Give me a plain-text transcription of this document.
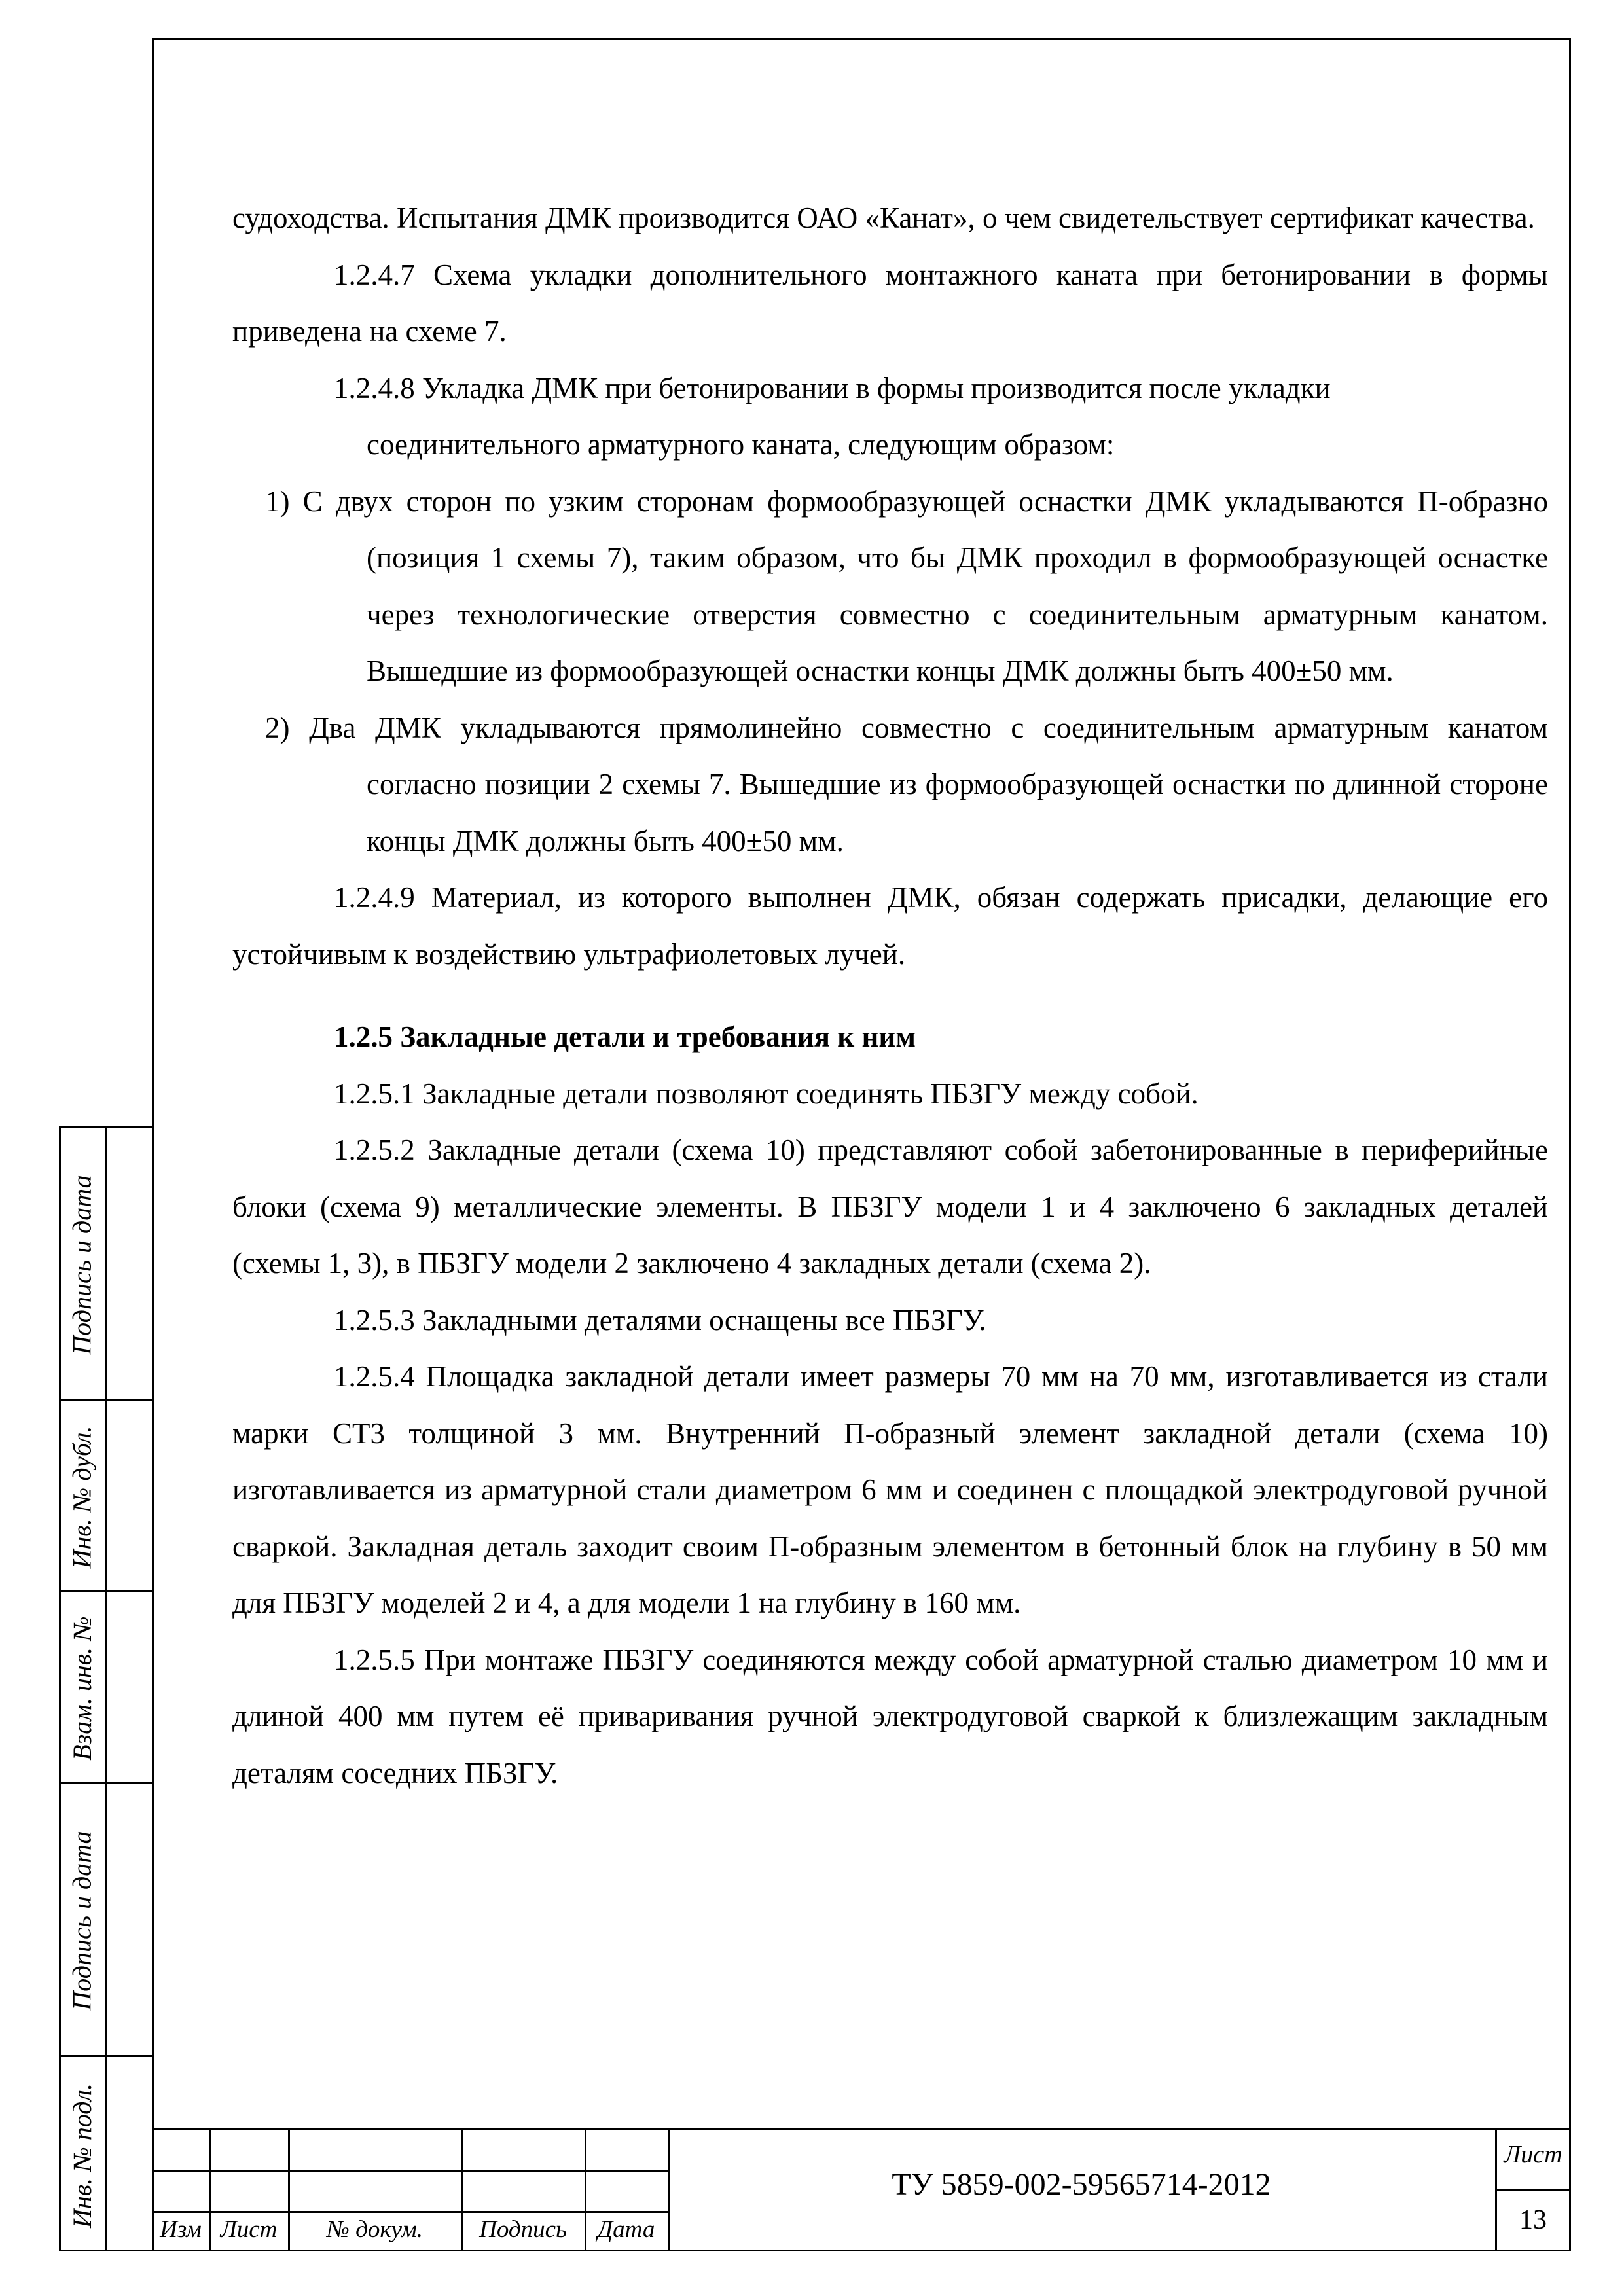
судоходства. Испытания ДМК производится ОАО «Канат», о чем свидетельствует сертификат качества.

1.2.4.7 Схема укладки дополнительного монтажного каната при бетонировании в формы приведена на схеме 7.

1.2.4.8 Укладка ДМК при бетонировании в формы производится после укладки

соединительного арматурного каната, следующим образом:

1) С двух сторон по узким сторонам формообразующей оснастки ДМК укладываются П-образно (позиция 1 схемы 7), таким образом, что бы ДМК проходил в формообразующей оснастке через технологические отверстия совместно с соединительным арматурным канатом. Вышедшие из формообразующей оснастки концы ДМК должны быть 400±50 мм.

2) Два ДМК укладываются прямолинейно совместно с соединительным арматурным канатом согласно позиции 2 схемы 7. Вышедшие из формообразующей оснастки по длинной стороне концы ДМК должны быть 400±50 мм.

1.2.4.9 Материал, из которого выполнен ДМК, обязан содержать присадки, делающие его устойчивым к воздействию ультрафиолетовых лучей.

1.2.5 Закладные детали и требования к ним

1.2.5.1 Закладные детали позволяют соединять ПБЗГУ между собой.

1.2.5.2 Закладные детали (схема 10) представляют собой забетонированные в периферийные блоки (схема 9) металлические элементы. В ПБЗГУ модели 1 и 4 заключено 6 закладных деталей (схемы 1, 3), в ПБЗГУ модели 2 заключено 4 закладных детали (схема 2).

1.2.5.3 Закладными деталями оснащены все ПБЗГУ.

1.2.5.4 Площадка закладной детали имеет размеры 70 мм на 70 мм, изготавливается из стали марки СТ3 толщиной 3 мм. Внутренний П-образный элемент закладной детали (схема 10) изготавливается из арматурной стали диаметром 6 мм и соединен с площадкой электродуговой ручной сваркой. Закладная деталь заходит своим П-образным элементом в бетонный блок на глубину в 50 мм для ПБЗГУ моделей 2 и 4, а для модели 1 на глубину в 160 мм.

1.2.5.5 При монтаже ПБЗГУ соединяются между собой арматурной сталью диаметром 10 мм и длиной 400 мм путем её приваривания ручной электродуговой сваркой к близлежащим закладным деталям соседних ПБЗГУ.

Подпись и дата
Инв. № дубл.
Взам. инв. №
Подпись и дата
Инв. № подл.
Изм Лист	№ докум.	Подпись	Дата
ТУ 5859-002-59565714-2012
Лист
13
